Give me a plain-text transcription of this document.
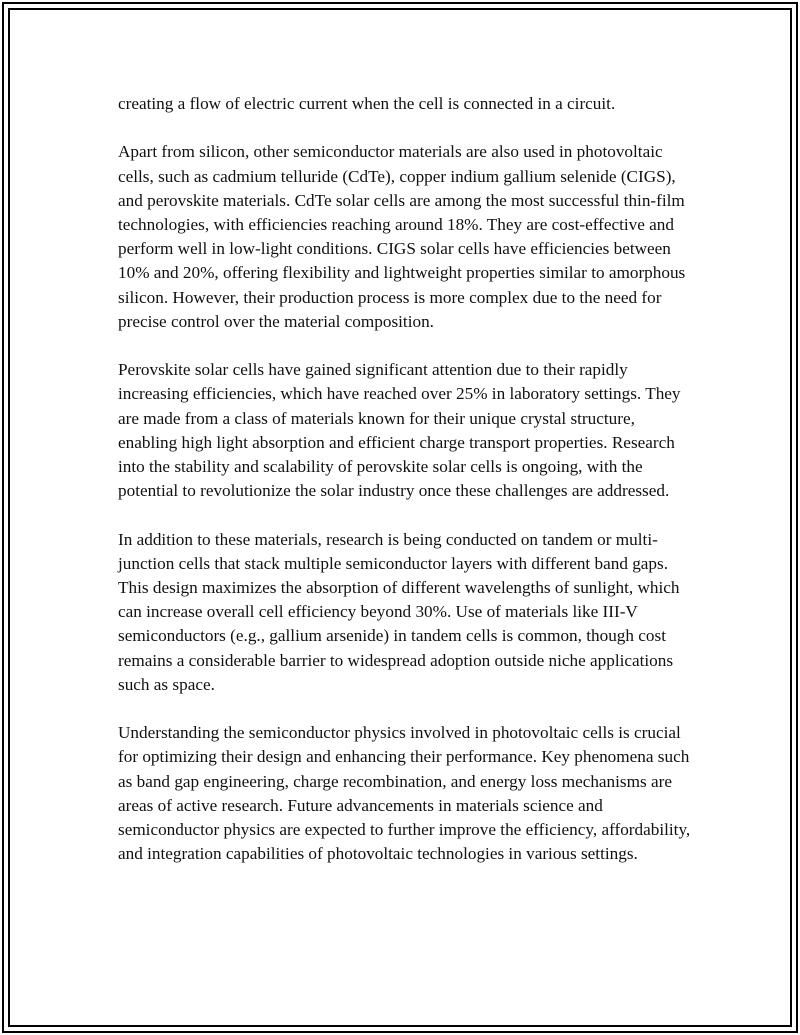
creating a flow of electric current when the cell is connected in a circuit.

Apart from silicon, other semiconductor materials are also used in photovoltaic cells, such as cadmium telluride (CdTe), copper indium gallium selenide (CIGS), and perovskite materials. CdTe solar cells are among the most successful thin-film technologies, with efficiencies reaching around 18%. They are cost-effective and perform well in low-light conditions. CIGS solar cells have efficiencies between 10% and 20%, offering flexibility and lightweight properties similar to amorphous silicon. However, their production process is more complex due to the need for precise control over the material composition.

Perovskite solar cells have gained significant attention due to their rapidly increasing efficiencies, which have reached over 25% in laboratory settings. They are made from a class of materials known for their unique crystal structure, enabling high light absorption and efficient charge transport properties. Research into the stability and scalability of perovskite solar cells is ongoing, with the potential to revolutionize the solar industry once these challenges are addressed.

In addition to these materials, research is being conducted on tandem or multi-junction cells that stack multiple semiconductor layers with different band gaps. This design maximizes the absorption of different wavelengths of sunlight, which can increase overall cell efficiency beyond 30%. Use of materials like III-V semiconductors (e.g., gallium arsenide) in tandem cells is common, though cost remains a considerable barrier to widespread adoption outside niche applications such as space.

Understanding the semiconductor physics involved in photovoltaic cells is crucial for optimizing their design and enhancing their performance. Key phenomena such as band gap engineering, charge recombination, and energy loss mechanisms are areas of active research. Future advancements in materials science and semiconductor physics are expected to further improve the efficiency, affordability, and integration capabilities of photovoltaic technologies in various settings.
